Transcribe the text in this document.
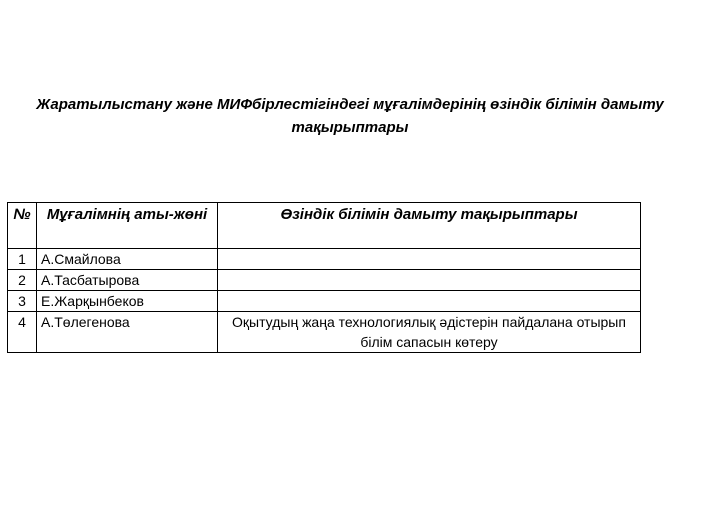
Жаратылыстану және МИФбірлестігіндегі мұғалімдерінің өзіндік білімін дамыту
тақырыптары
№	Мұғалімнің аты-жөні	Өзіндік білімін дамыту тақырыптары
1	А.Смайлова	
2	А.Тасбатырова	
3	Е.Жарқынбеков	
4	А.Төлегенова	Оқытудың жаңа технологиялық әдістерін пайдалана отырып білім сапасын көтеру
